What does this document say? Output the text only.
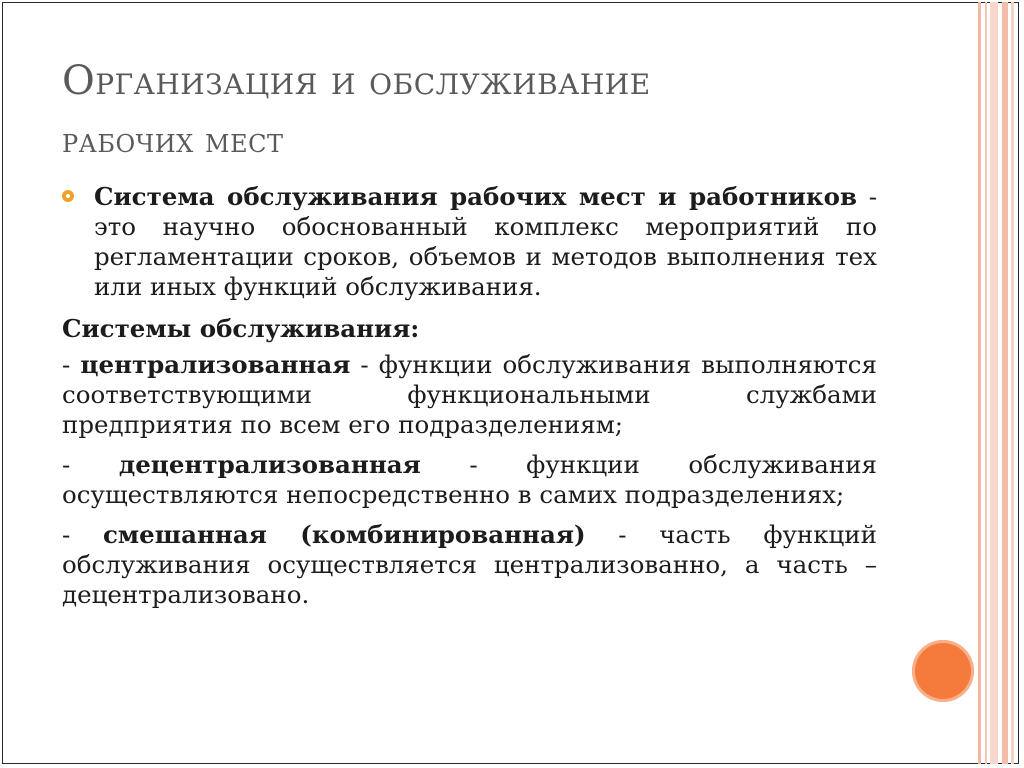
Организация и обслуживание
рабочих мест
Система обслуживания рабочих мест и работников - это научно обоснованный комплекс мероприятий по регламентации сроков, объемов и методов выполнения тех или иных функций обслуживания.

Системы обслуживания:

- централизованная - функции обслуживания выполняются соответствующими функциональными службами предприятия по всем его подразделениям;
- децентрализованная - функции обслуживания осуществляются непосредственно в самих подразделениях;
- смешанная (комбинированная) - часть функций обслуживания осуществляется централизованно, а часть – децентрализовано.
